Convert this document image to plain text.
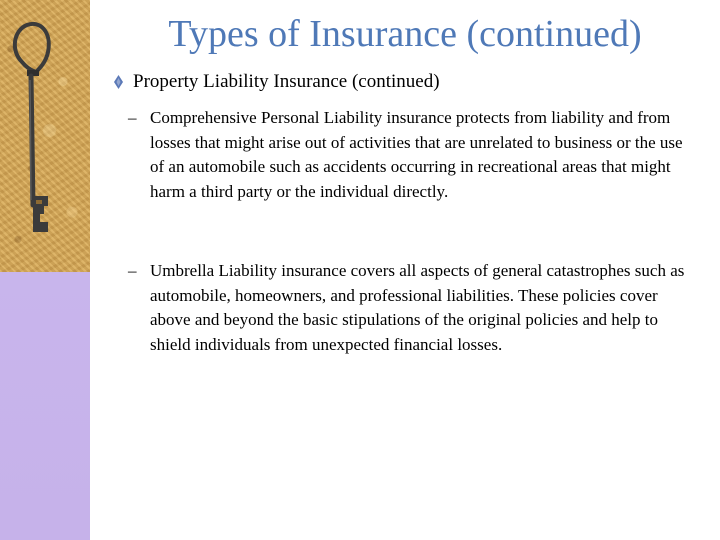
Types of Insurance (continued)
Property Liability Insurance (continued)
– Comprehensive Personal Liability insurance protects from liability and from losses that might arise out of activities that are unrelated to business or the use of an automobile such as accidents occurring in recreational areas that might harm a third party or the individual directly.
– Umbrella Liability insurance covers all aspects of general catastrophes such as automobile, homeowners, and professional liabilities. These policies cover above and beyond the basic stipulations of the original policies and help to shield individuals from unexpected financial losses.
